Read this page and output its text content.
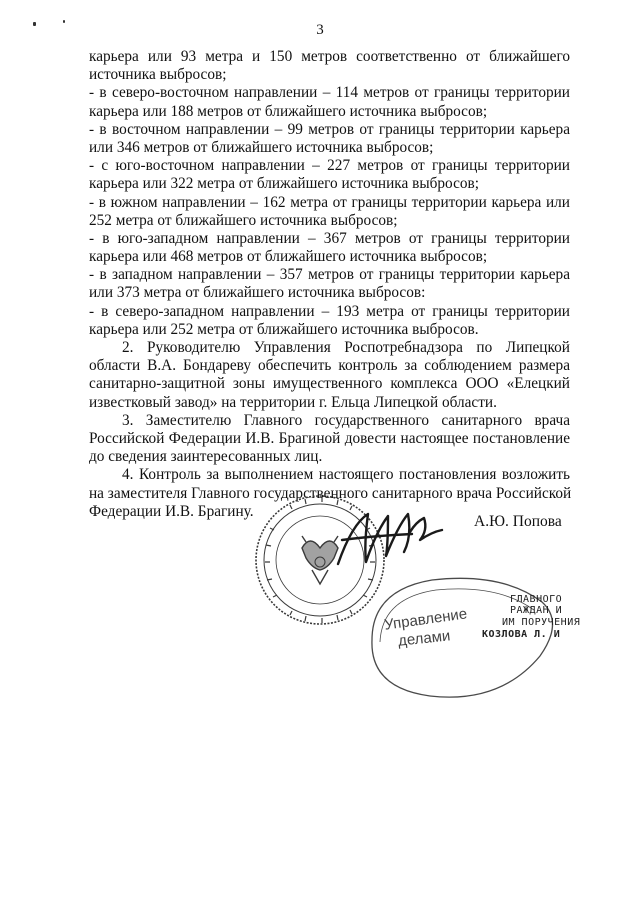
3
карьера или 93 метра и 150 метров соответственно от ближайшего
источника выбросов;
- в северо-восточном направлении – 114 метров от границы территории
карьера или 188 метров от ближайшего источника выбросов;
- в восточном направлении – 99 метров от границы территории карьера
или 346 метров от ближайшего источника выбросов;
- с юго-восточном направлении – 227 метров от границы территории
карьера или 322 метра от ближайшего источника выбросов;
- в южном направлении – 162 метра от границы территории карьера или
252 метра от ближайшего источника выбросов;
- в юго-западном направлении – 367 метров от границы территории
карьера или 468 метров от ближайшего источника выбросов;
- в западном направлении – 357 метров от границы территории карьера
или 373 метра от ближайшего источника выбросов:
- в северо-западном направлении – 193 метра от границы территории
карьера или 252 метра от ближайшего источника выбросов.
2. Руководителю Управления Роспотребнадзора по Липецкой
области В.А. Бондареву обеспечить контроль за соблюдением размера
санитарно-защитной зоны имущественного комплекса ООО «Елецкий
известковый завод» на территории г. Ельца Липецкой области.
3. Заместителю Главного государственного санитарного врача
Российской Федерации И.В. Брагиной довести настоящее постановление
до сведения заинтересованных лиц.
4. Контроль за выполнением настоящего постановления возложить
на заместителя Главного государственного санитарного врача Российской
Федерации И.В. Брагину.
ГЛАВНОГО
РАЖДАН И
ИМ ПОРУЧЕНИЯ
КОЗЛОВА Л. И
Управление
делами
А.Ю. Попова
